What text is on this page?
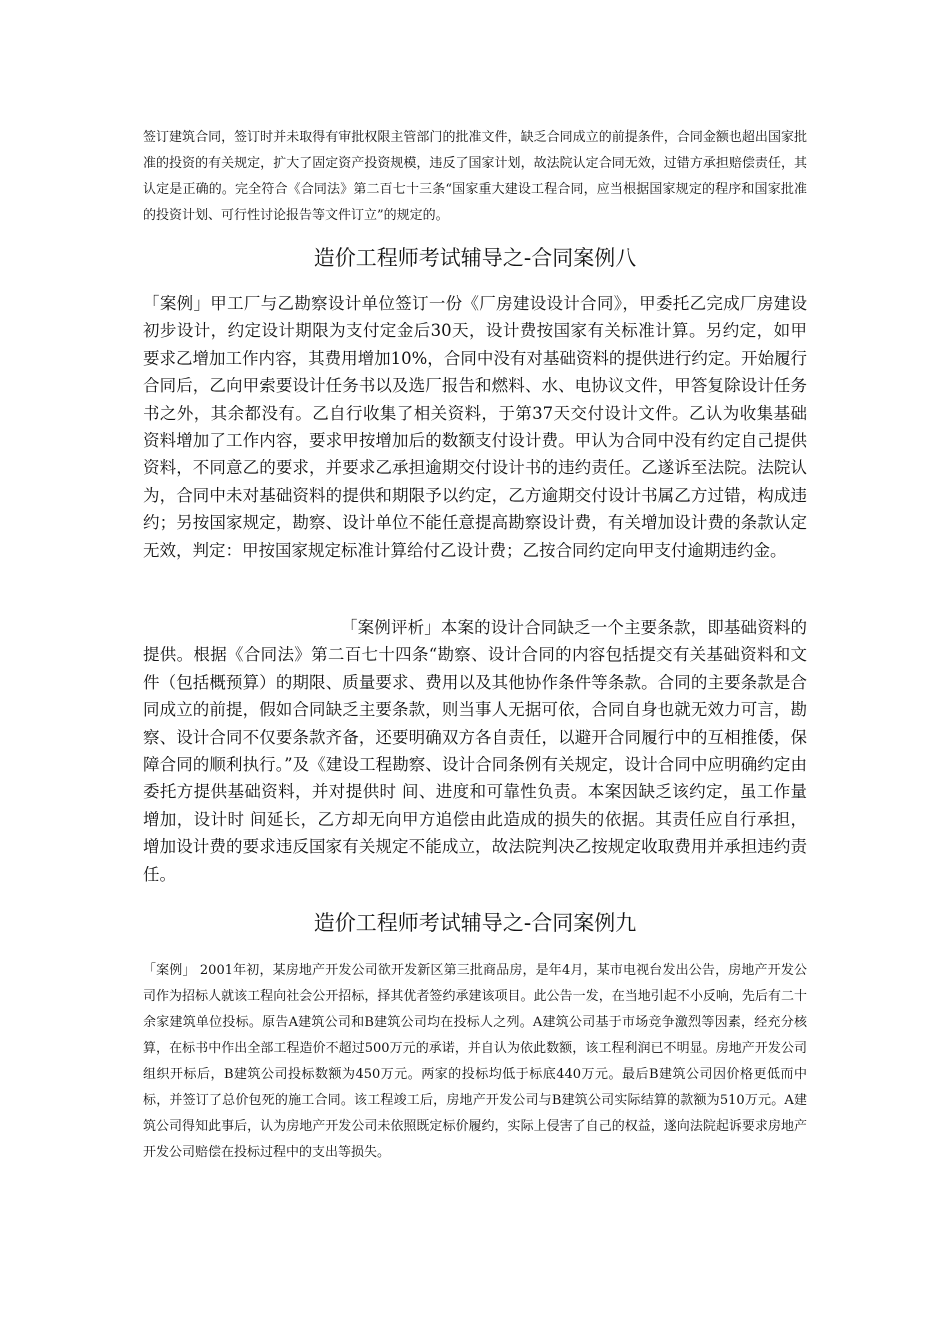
签订建筑合同，签订时并未取得有审批权限主管部门的批准文件，缺乏合同成立的前提条件，合同金额也超出国家批准的投资的有关规定，扩大了固定资产投资规模，违反了国家计划，故法院认定合同无效，过错方承担赔偿责任，其认定是正确的。完全符合《合同法》第二百七十三条“国家重大建设工程合同，应当根据国家规定的程序和国家批准的投资计划、可行性讨论报告等文件订立”的规定的。

造价工程师考试辅导之-合同案例八

「案例」甲工厂与乙勘察设计单位签订一份《厂房建设设计合同》，甲委托乙完成厂房建设初步设计，约定设计期限为支付定金后30天，设计费按国家有关标准计算。另约定，如甲要求乙增加工作内容，其费用增加10%，合同中没有对基础资料的提供进行约定。开始履行合同后，乙向甲索要设计任务书以及选厂报告和燃料、水、电协议文件，甲答复除设计任务书之外，其余都没有。乙自行收集了相关资料，于第37天交付设计文件。乙认为收集基础资料增加了工作内容，要求甲按增加后的数额支付设计费。甲认为合同中没有约定自己提供资料，不同意乙的要求，并要求乙承担逾期交付设计书的违约责任。乙遂诉至法院。法院认为，合同中未对基础资料的提供和期限予以约定，乙方逾期交付设计书属乙方过错，构成违约；另按国家规定，勘察、设计单位不能任意提高勘察设计费，有关增加设计费的条款认定无效，判定：甲按国家规定标准计算给付乙设计费；乙按合同约定向甲支付逾期违约金。

「案例评析」本案的设计合同缺乏一个主要条款，即基础资料的提供。根据《合同法》第二百七十四条“勘察、设计合同的内容包括提交有关基础资料和文件（包括概预算）的期限、质量要求、费用以及其他协作条件等条款。合同的主要条款是合同成立的前提，假如合同缺乏主要条款，则当事人无据可依，合同自身也就无效力可言，勘察、设计合同不仅要条款齐备，还要明确双方各自责任，以避开合同履行中的互相推倭，保障合同的顺利执行。”及《建设工程勘察、设计合同条例有关规定，设计合同中应明确约定由委托方提供基础资料，并对提供时 间、进度和可靠性负责。本案因缺乏该约定，虽工作量增加，设计时 间延长，乙方却无向甲方追偿由此造成的损失的依据。其责任应自行承担，增加设计费的要求违反国家有关规定不能成立，故法院判决乙按规定收取费用并承担违约责任。

造价工程师考试辅导之-合同案例九

「案例」 2001年初，某房地产开发公司欲开发新区第三批商品房，是年4月，某市电视台发出公告，房地产开发公司作为招标人就该工程向社会公开招标，择其优者签约承建该项目。此公告一发，在当地引起不小反响，先后有二十余家建筑单位投标。原告A建筑公司和B建筑公司均在投标人之列。A建筑公司基于市场竞争激烈等因素，经充分核算，在标书中作出全部工程造价不超过500万元的承诺，并自认为依此数额，该工程利润已不明显。房地产开发公司组织开标后，B建筑公司投标数额为450万元。两家的投标均低于标底440万元。最后B建筑公司因价格更低而中标，并签订了总价包死的施工合同。该工程竣工后，房地产开发公司与B建筑公司实际结算的款额为510万元。A建筑公司得知此事后，认为房地产开发公司未依照既定标价履约，实际上侵害了自己的权益，遂向法院起诉要求房地产开发公司赔偿在投标过程中的支出等损失。
